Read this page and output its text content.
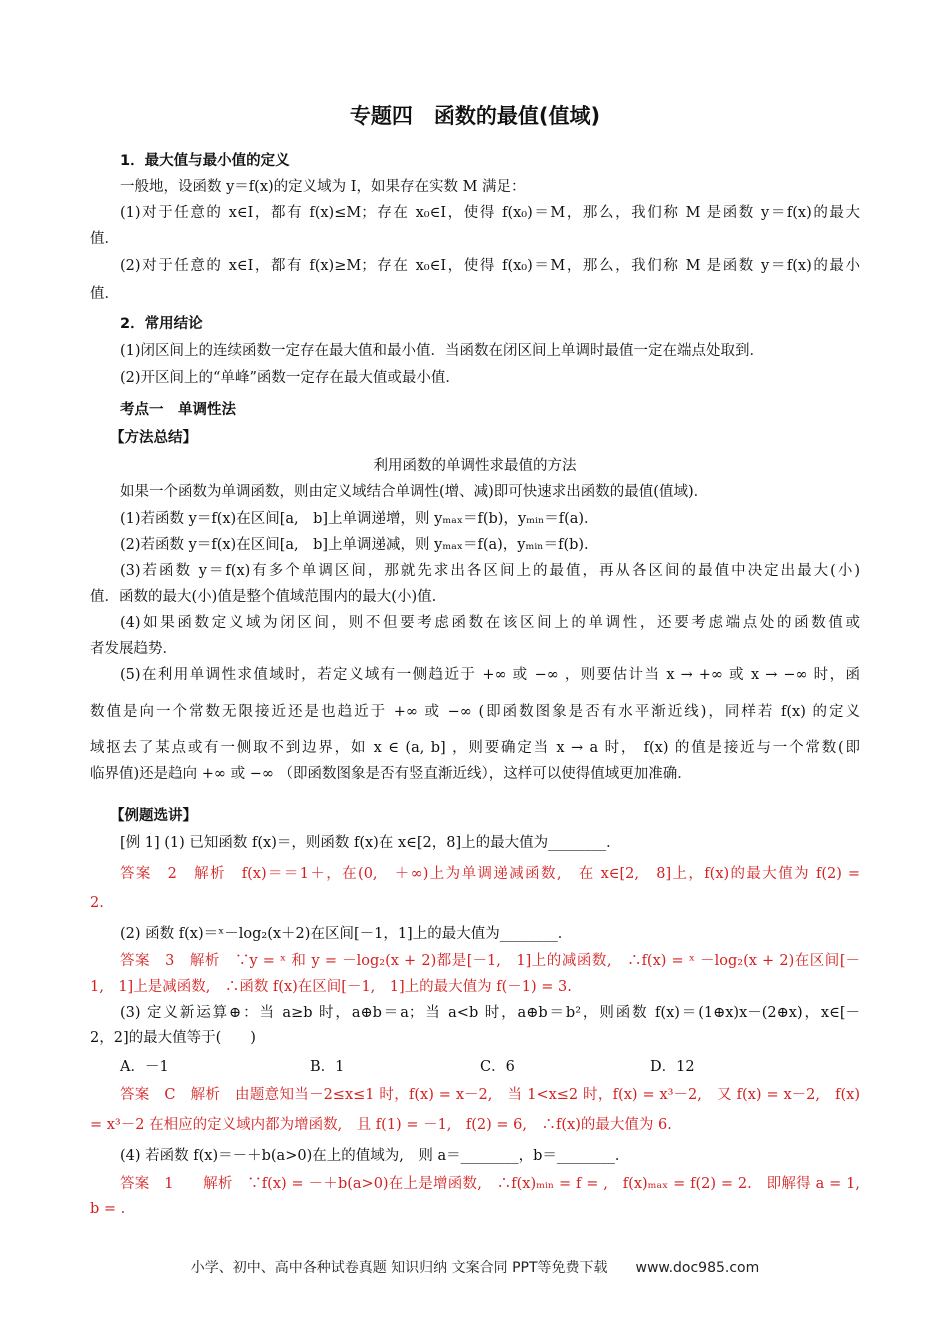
专题四　函数的最值(值域)
1．最大值与最小值的定义
一般地，设函数 y＝f(x)的定义域为 I，如果存在实数 M 满足：
(1)对于任意的 x∈I，都有 f(x)≤M；存在 x₀∈I，使得 f(x₀)＝M，那么，我们称 M 是函数 y＝f(x)的最大
值．
(2)对于任意的 x∈I，都有 f(x)≥M；存在 x₀∈I，使得 f(x₀)＝M，那么，我们称 M 是函数 y＝f(x)的最小
值．
2．常用结论
(1)闭区间上的连续函数一定存在最大值和最小值．当函数在闭区间上单调时最值一定在端点处取到．
(2)开区间上的“单峰”函数一定存在最大值或最小值．
考点一　单调性法
【方法总结】
利用函数的单调性求最值的方法
如果一个函数为单调函数，则由定义域结合单调性(增、减)即可快速求出函数的最值(值域)．
(1)若函数 y＝f(x)在区间[a,　b]上单调递增，则 yₘₐₓ＝f(b)，yₘᵢₙ＝f(a)．
(2)若函数 y＝f(x)在区间[a,　b]上单调递减，则 yₘₐₓ＝f(a)，yₘᵢₙ＝f(b).
(3)若函数 y＝f(x)有多个单调区间，那就先求出各区间上的最值，再从各区间的最值中决定出最大(小)
值．函数的最大(小)值是整个值域范围内的最大(小)值.
(4)如果函数定义域为闭区间，则不但要考虑函数在该区间上的单调性，还要考虑端点处的函数值或
者发展趋势．
(5)在利用单调性求值域时，若定义域有一侧趋近于 +∞ 或 −∞ ，则要估计当 x → +∞ 或 x → −∞ 时，函
数值是向一个常数无限接近还是也趋近于 +∞ 或 −∞ (即函数图象是否有水平渐近线)，同样若 f(x) 的定义
域抠去了某点或有一侧取不到边界，如 x ∈ (a, b] ，则要确定当 x → a 时， f(x) 的值是接近与一个常数(即
临界值)还是趋向 +∞ 或 −∞ （即函数图象是否有竖直渐近线），这样可以使得值域更加准确．
【例题选讲】
[例 1] (1) 已知函数 f(x)＝，则函数 f(x)在 x∈[2，8]上的最大值为________．
答案　2　解析　f(x)＝＝1＋，在(0,　＋∞)上为单调递减函数,　在 x∈[2,　8]上，f(x)的最大值为 f(2) =
2.
(2) 函数 f(x)＝ˣ－log₂(x＋2)在区间[－1，1]上的最大值为________．
答案　3　解析　∵y = ˣ 和 y = －log₂(x + 2)都是[－1,　1]上的减函数,　∴f(x) = ˣ －log₂(x + 2)在区间[－
1,　1]上是减函数,　∴函数 f(x)在区间[－1,　1]上的最大值为 f(－1) = 3.
(3) 定义新运算⊕：当 a≥b 时，a⊕b＝a；当 a<b 时，a⊕b＝b²，则函数 f(x)＝(1⊕x)x－(2⊕x)，x∈[－
2，2]的最大值等于(　　)
A．－1	B．1	C．6	D．12
答案　C　解析　由题意知当－2≤x≤1 时，f(x) = x－2,　当 1<x≤2 时，f(x) = x³－2,　又 f(x) = x－2,　f(x)
= x³－2 在相应的定义域内都为增函数,　且 f(1) = －1,　f(2) = 6,　∴f(x)的最大值为 6.
(4) 若函数 f(x)＝－＋b(a>0)在上的值域为,　则 a＝________，b＝________．
答案　1　　解析　∵f(x) = －＋b(a>0)在上是增函数,　∴f(x)ₘᵢₙ = f = ,　f(x)ₘₐₓ = f(2) = 2.　即解得 a = 1,
b = .
小学、初中、高中各种试卷真题 知识归纳 文案合同 PPT等免费下载　　www.doc985.com
